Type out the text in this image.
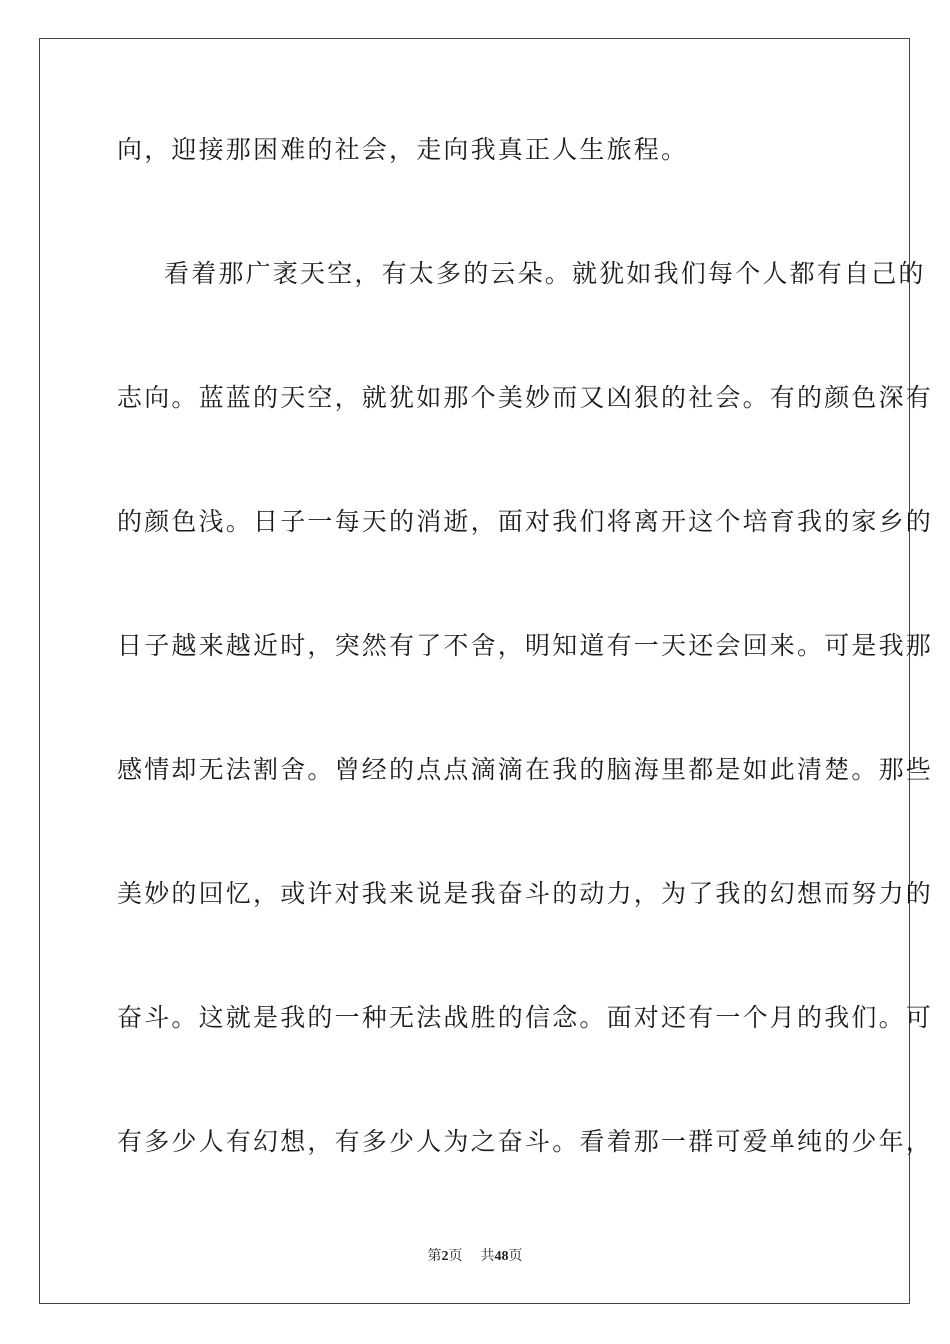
向，迎接那困难的社会，走向我真正人生旅程。
看着那广袤天空，有太多的云朵。就犹如我们每个人都有自己的
志向。蓝蓝的天空，就犹如那个美妙而又凶狠的社会。有的颜色深有
的颜色浅。日子一每天的消逝，面对我们将离开这个培育我的家乡的
日子越来越近时，突然有了不舍，明知道有一天还会回来。可是我那
感情却无法割舍。曾经的点点滴滴在我的脑海里都是如此清楚。那些
美妙的回忆，或许对我来说是我奋斗的动力，为了我的幻想而努力的
奋斗。这就是我的一种无法战胜的信念。面对还有一个月的我们。可
有多少人有幻想，有多少人为之奋斗。看着那一群可爱单纯的少年，
第2页 共48页
